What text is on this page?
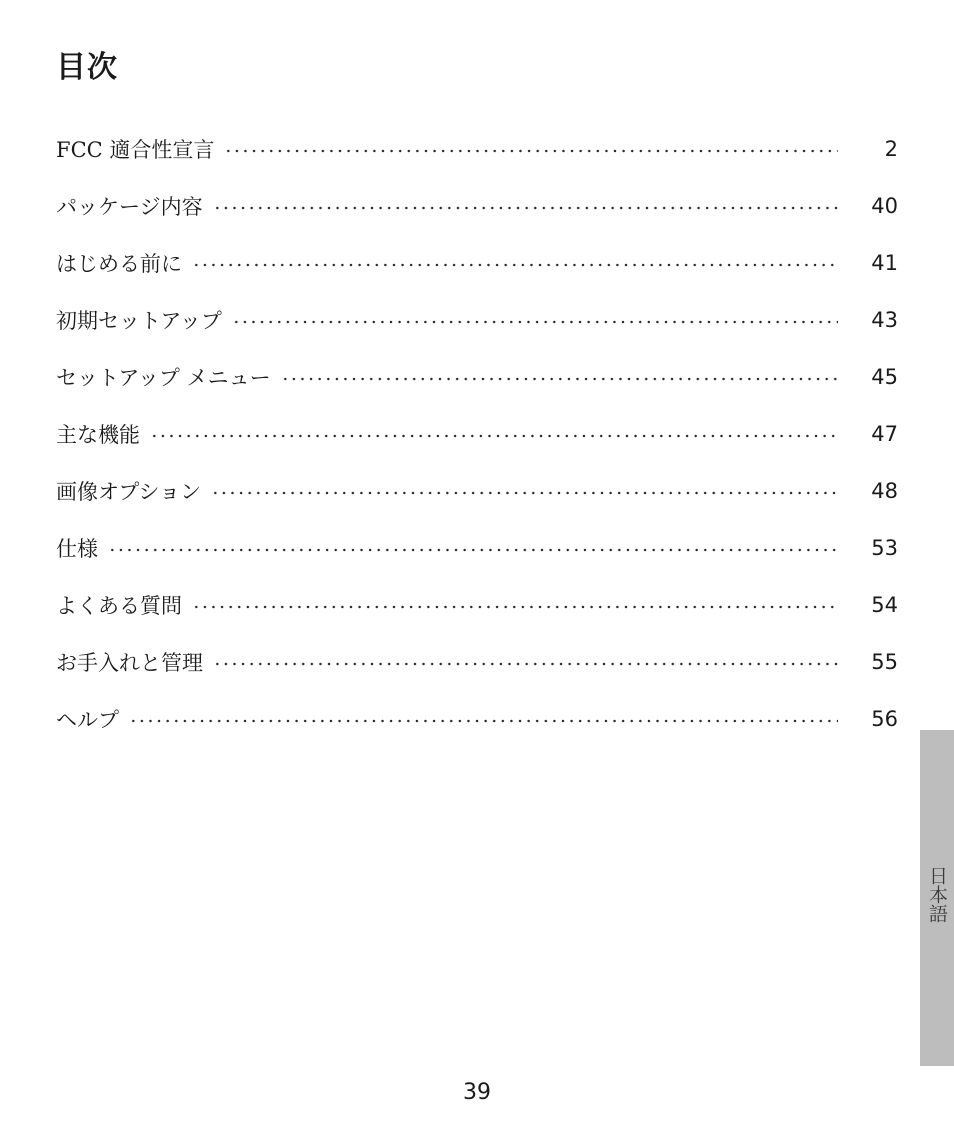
目次
FCC 適合性宣言	2
パッケージ内容	40
はじめる前に	41
初期セットアップ	43
セットアップ メニュー	45
主な機能	47
画像オプション	48
仕様	53
よくある質問	54
お手入れと管理	55
ヘルプ	56
日本語
39
